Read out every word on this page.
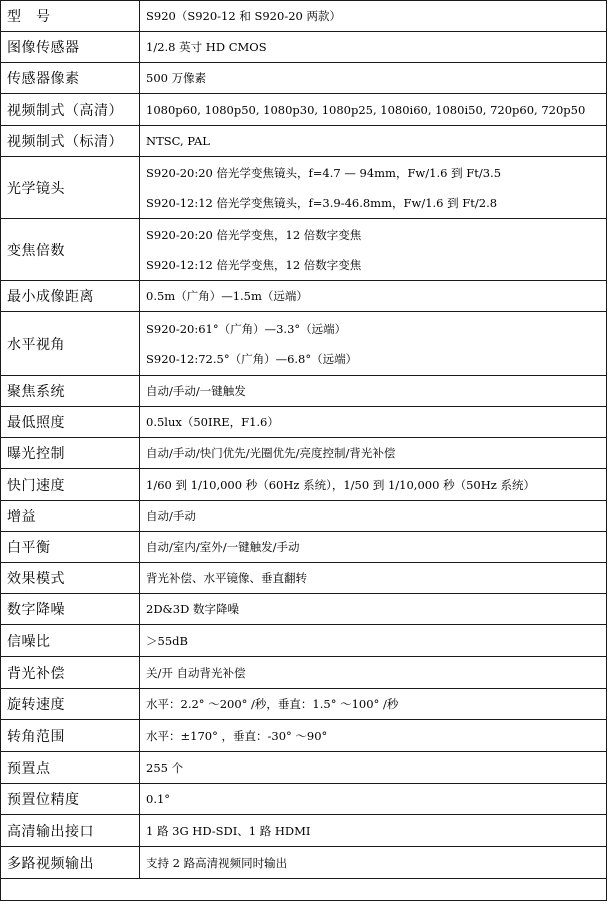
型　号	S920（S920-12 和 S920-20 两款）

图像传感器	1/2.8 英寸 HD CMOS

传感器像素	500 万像素

视频制式（高清）	1080p60, 1080p50, 1080p30, 1080p25, 1080i60, 1080i50, 720p60, 720p50

视频制式（标清）	NTSC, PAL

光学镜头	S920-20:20 倍光学变焦镜头，f=4.7 — 94mm，Fw/1.6 到 Ft/3.5
S920-12:12 倍光学变焦镜头，f=3.9-46.8mm，Fw/1.6 到 Ft/2.8

变焦倍数	S920-20:20 倍光学变焦，12 倍数字变焦
S920-12:12 倍光学变焦，12 倍数字变焦

最小成像距离	0.5m（广角）—1.5m（远端）

水平视角	S920-20:61°（广角）—3.3°（远端）
S920-12:72.5°（广角）—6.8°（远端）

聚焦系统	自动/手动/一键触发

最低照度	0.5lux（50IRE，F1.6）

曝光控制	自动/手动/快门优先/光圈优先/亮度控制/背光补偿

快门速度	1/60 到 1/10,000 秒（60Hz 系统），1/50 到 1/10,000 秒（50Hz 系统）

增益	自动/手动

白平衡	自动/室内/室外/一键触发/手动

效果模式	背光补偿、水平镜像、垂直翻转

数字降噪	2D&3D 数字降噪

信噪比	＞55dB

背光补偿	关/开 自动背光补偿

旋转速度	水平：2.2° ～200° /秒，垂直：1.5° ～100° /秒

转角范围	水平：±170° ，垂直：-30° ～90°

预置点	255 个

预置位精度	0.1°

高清输出接口	1 路 3G HD-SDI、1 路 HDMI

多路视频输出	支持 2 路高清视频同时输出
